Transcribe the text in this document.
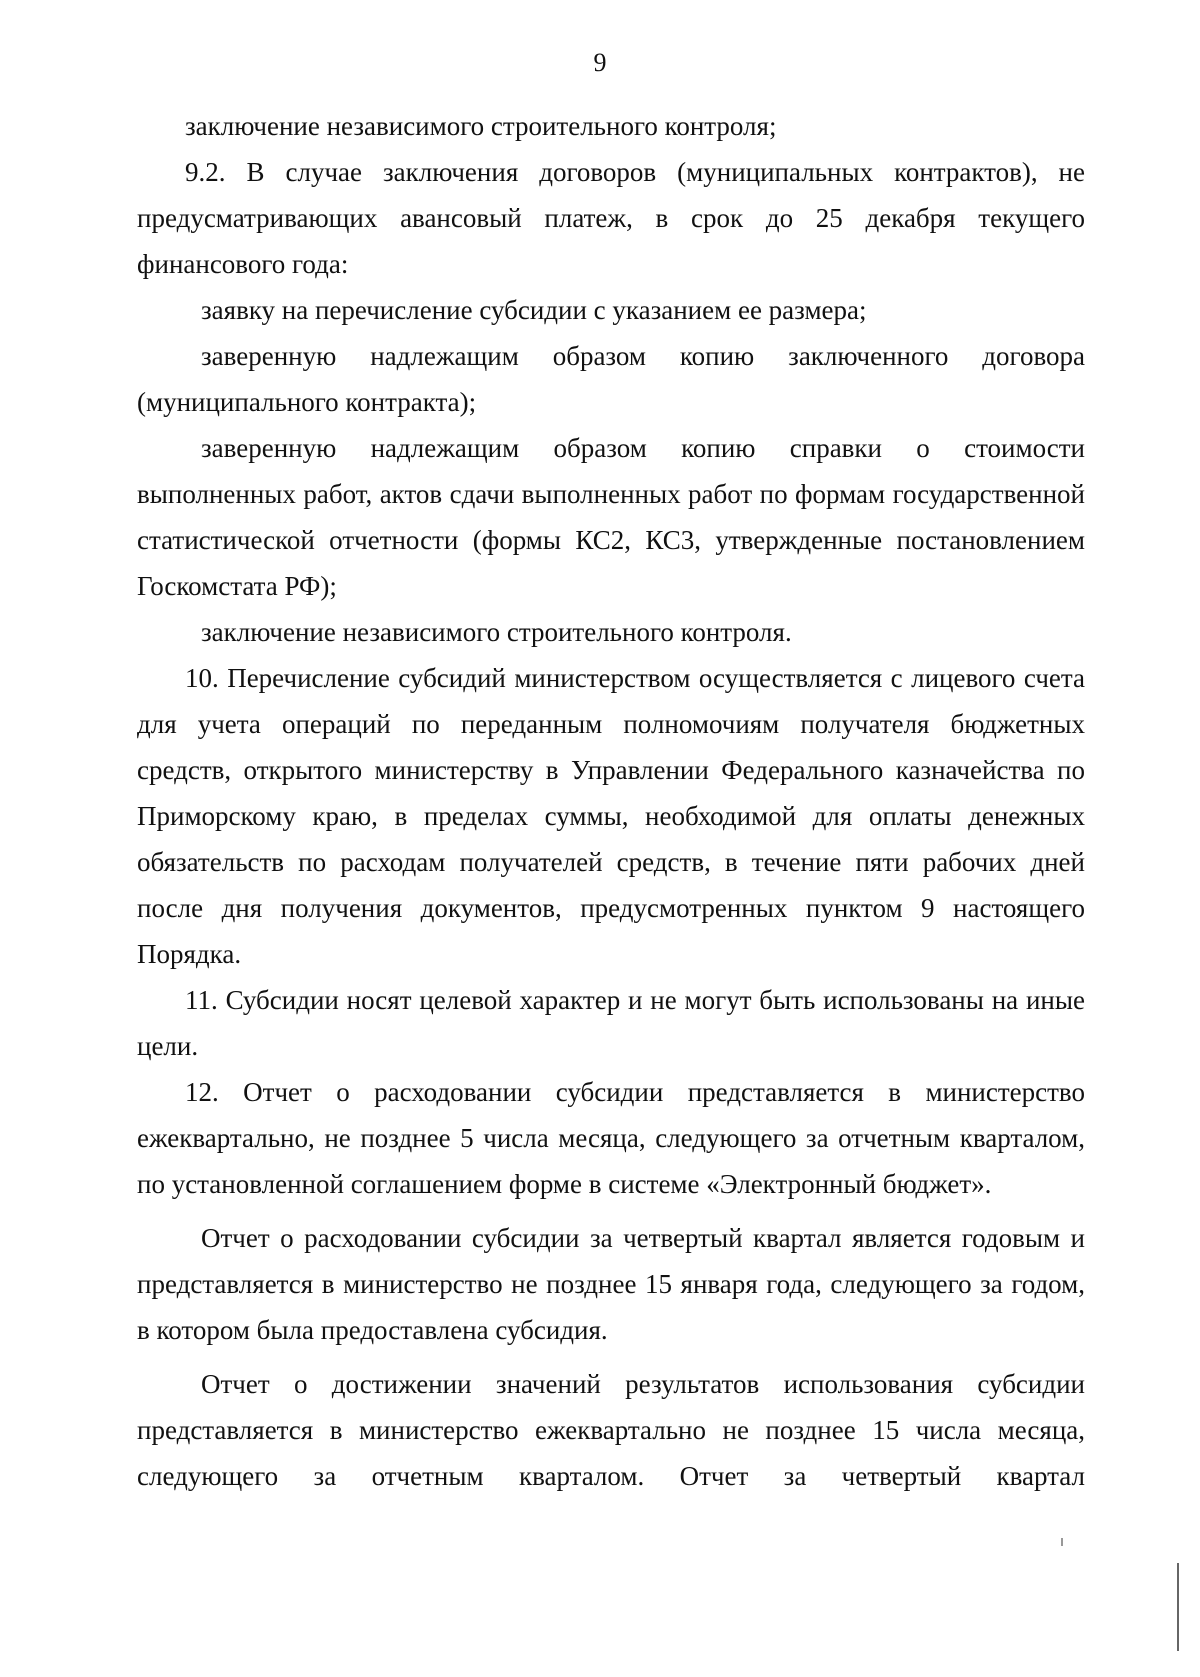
9

заключение независимого строительного контроля;

9.2. В случае заключения договоров (муниципальных контрактов), не предусматривающих авансовый платеж, в срок до 25 декабря текущего финансового года:

заявку на перечисление субсидии с указанием ее размера;

заверенную надлежащим образом копию заключенного договора (муниципального контракта);

заверенную надлежащим образом копию справки о стоимости выполненных работ, актов сдачи выполненных работ по формам государственной статистической отчетности (формы КС2, КС3, утвержденные постановлением Госкомстата РФ);

заключение независимого строительного контроля.

10. Перечисление субсидий министерством осуществляется с лицевого счета для учета операций по переданным полномочиям получателя бюджетных средств, открытого министерству в Управлении Федерального казначейства по Приморскому краю, в пределах суммы, необходимой для оплаты денежных обязательств по расходам получателей средств, в течение пяти рабочих дней после дня получения документов, предусмотренных пунктом 9 настоящего Порядка.

11. Субсидии носят целевой характер и не могут быть использованы на иные цели.

12. Отчет о расходовании субсидии представляется в министерство ежеквартально, не позднее 5 числа месяца, следующего за отчетным кварталом, по установленной соглашением форме в системе «Электронный бюджет».

Отчет о расходовании субсидии за четвертый квартал является годовым и представляется в министерство не позднее 15 января года, следующего за годом, в котором была предоставлена субсидия.

Отчет о достижении значений результатов использования субсидии представляется в министерство ежеквартально не позднее 15 числа месяца, следующего за отчетным кварталом. Отчет за четвертый квартал
